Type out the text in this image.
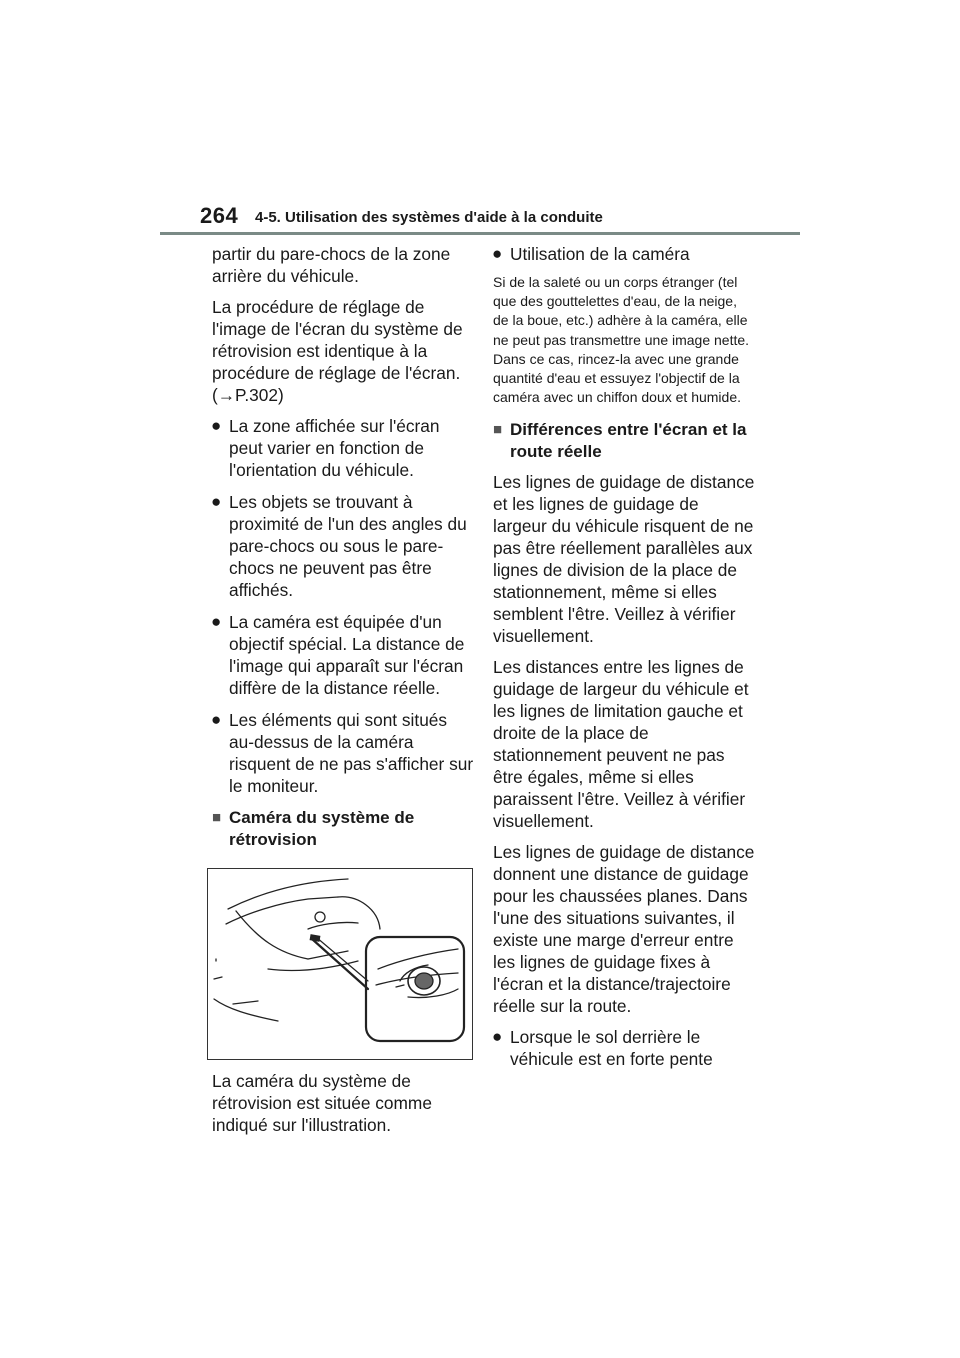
264 4-5. Utilisation des systèmes d'aide à la conduite

partir du pare-chocs de la zone arrière du véhicule.

La procédure de réglage de l'image de l'écran du système de rétrovision est identique à la procédure de réglage de l'écran. (→P.302)

● La zone affichée sur l'écran peut varier en fonction de l'orientation du véhicule.
● Les objets se trouvant à proximité de l'un des angles du pare-chocs ou sous le pare-chocs ne peuvent pas être affichés.
● La caméra est équipée d'un objectif spécial. La distance de l'image qui apparaît sur l'écran diffère de la distance réelle.
● Les éléments qui sont situés au-dessus de la caméra risquent de ne pas s'afficher sur le moniteur.
■ Caméra du système de rétrovision

La caméra du système de rétrovision est située comme indiqué sur l'illustration.

● Utilisation de la caméra

Si de la saleté ou un corps étranger (tel que des gouttelettes d'eau, de la neige, de la boue, etc.) adhère à la caméra, elle ne peut pas transmettre une image nette. Dans ce cas, rincez-la avec une grande quantité d'eau et essuyez l'objectif de la caméra avec un chiffon doux et humide.

■ Différences entre l'écran et la route réelle

Les lignes de guidage de distance et les lignes de guidage de largeur du véhicule risquent de ne pas être réellement parallèles aux lignes de division de la place de stationnement, même si elles semblent l'être. Veillez à vérifier visuellement.

Les distances entre les lignes de guidage de largeur du véhicule et les lignes de limitation gauche et droite de la place de stationnement peuvent ne pas être égales, même si elles paraissent l'être. Veillez à vérifier visuellement.

Les lignes de guidage de distance donnent une distance de guidage pour les chaussées planes. Dans l'une des situations suivantes, il existe une marge d'erreur entre les lignes de guidage fixes à l'écran et la distance/trajectoire réelle sur la route.

● Lorsque le sol derrière le véhicule est en forte pente
